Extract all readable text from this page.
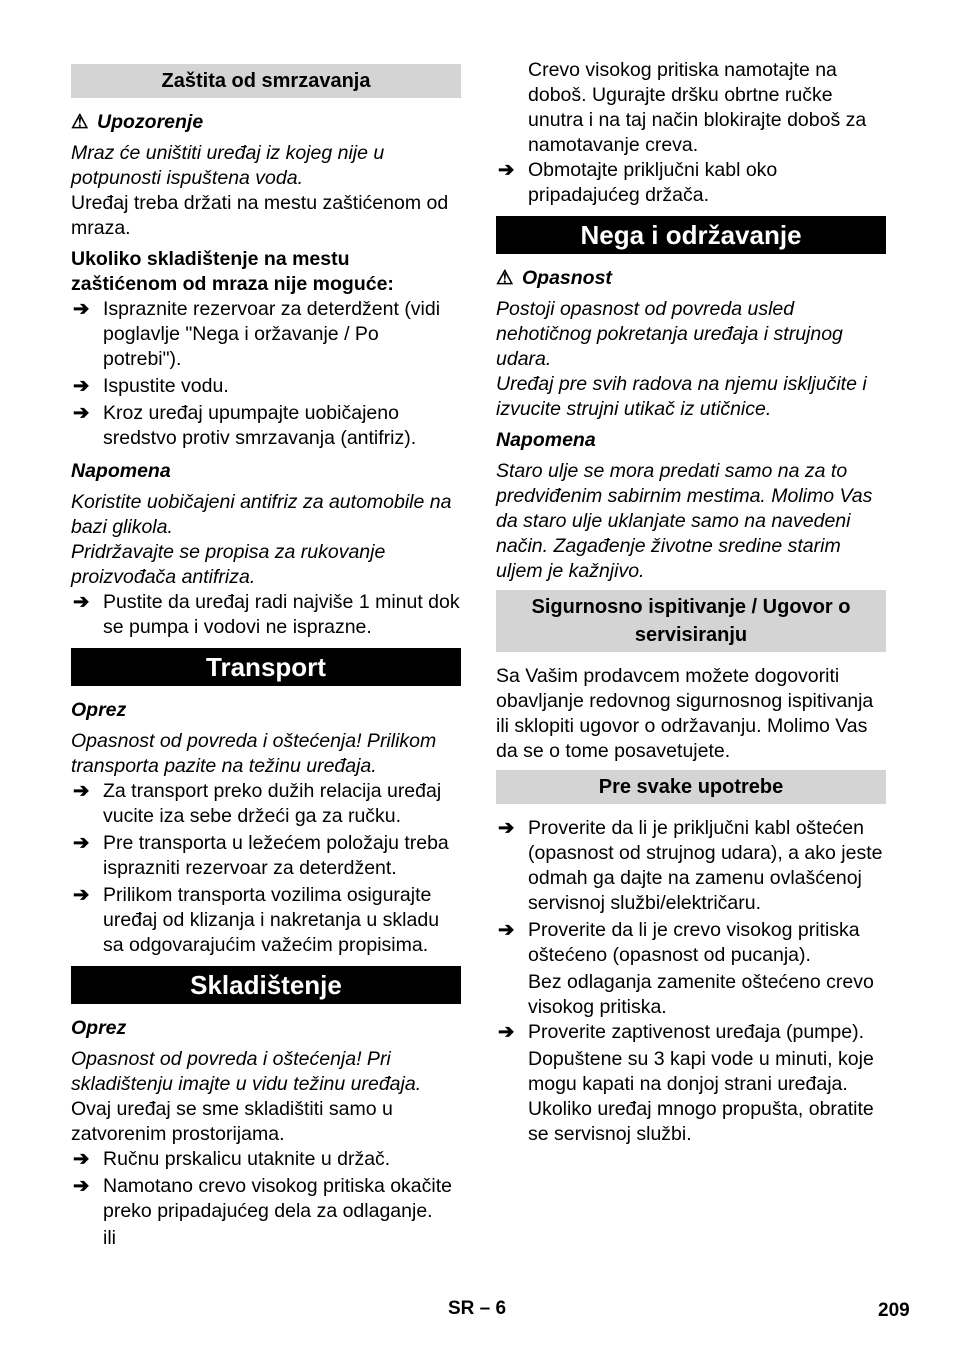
Zaštita od smrzavanja

⚠ Upozorenje

Mraz će uništiti uređaj iz kojeg nije u potpunosti ispuštena voda.

Uređaj treba držati na mestu zaštićenom od mraza.

Ukoliko skladištenje na mestu zaštićenom od mraza nije moguće:

➔ Ispraznite rezervoar za deterdžent (vidi poglavlje "Nega i oržavanje / Po potrebi").
➔ Ispustite vodu.
➔ Kroz uređaj upumpajte uobičajeno sredstvo protiv smrzavanja (antifriz).

Napomena

Koristite uobičajeni antifriz za automobile na bazi glikola.

Pridržavajte se propisa za rukovanje proizvođača antifriza.

➔ Pustite da uređaj radi najviše 1 minut dok se pumpa i vodovi ne isprazne.
Transport

Oprez

Opasnost od povreda i oštećenja! Prilikom transporta pazite na težinu uređaja.

➔ Za transport preko dužih relacija uređaj vucite iza sebe držeći ga za ručku.
➔ Pre transporta u ležećem položaju treba isprazniti rezervoar za deterdžent.
➔ Prilikom transporta vozilima osigurajte uređaj od klizanja i nakretanja u skladu sa odgovarajućim važećim propisima.
Skladištenje

Oprez

Opasnost od povreda i oštećenja! Pri skladištenju imajte u vidu težinu uređaja.

Ovaj uređaj se sme skladištiti samo u zatvorenim prostorijama.

➔ Ručnu prskalicu utaknite u držač.
➔ Namotano crevo visokog pritiska okačite preko pripadajućeg dela za odlaganje.

ili

Crevo visokog pritiska namotajte na doboš. Ugurajte dršku obrtne ručke unutra i na taj način blokirajte doboš za namotavanje creva.

➔ Obmotajte priključni kabl oko pripadajućeg držača.
Nega i održavanje

⚠ Opasnost

Postoji opasnost od povreda usled nehotičnog pokretanja uređaja i strujnog udara.

Uređaj pre svih radova na njemu isključite i izvucite strujni utikač iz utičnice.

Napomena

Staro ulje se mora predati samo na za to predviđenim sabirnim mestima. Molimo Vas da staro ulje uklanjate samo na navedeni način. Zagađenje životne sredine starim uljem je kažnjivo.

Sigurnosno ispitivanje / Ugovor o servisiranju

Sa Vašim prodavcem možete dogovoriti obavljanje redovnog sigurnosnog ispitivanja ili sklopiti ugovor o održavanju. Molimo Vas da se o tome posavetujete.

Pre svake upotrebe
➔ Proverite da li je priključni kabl oštećen (opasnost od strujnog udara), a ako jeste odmah ga dajte na zamenu ovlašćenoj servisnoj službi/električaru.
➔ Proverite da li je crevo visokog pritiska oštećeno (opasnost od pucanja).

Bez odlaganja zamenite oštećeno crevo visokog pritiska.

➔ Proverite zaptivenost uređaja (pumpe).

Dopuštene su 3 kapi vode u minuti, koje mogu kapati na donjoj strani uređaja. Ukoliko uređaj mnogo propušta, obratite se servisnoj službi.

SR – 6	209
